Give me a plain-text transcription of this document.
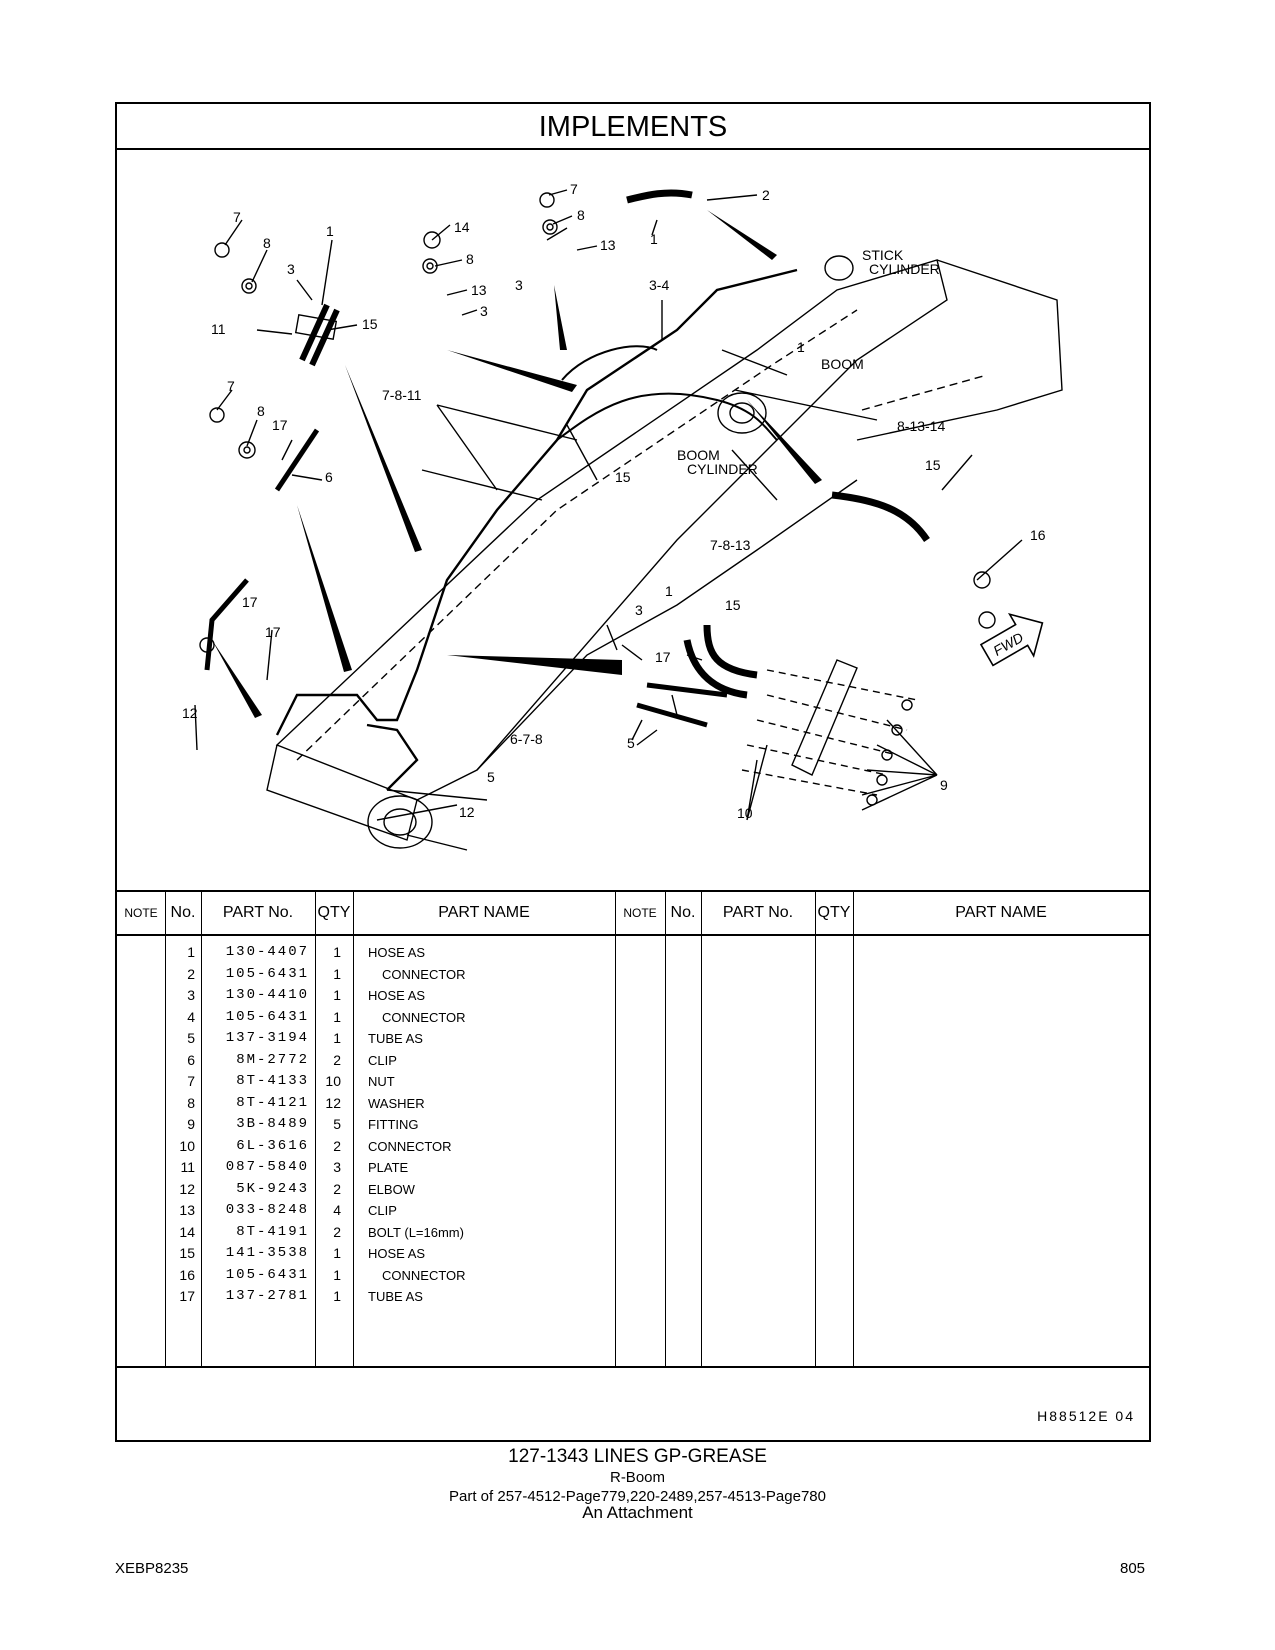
IMPLEMENTS
FWD
7
8
1
3
11	15
7
8
17
6
14
8
13
3
7
8
13
3
1
2
3-4
STICK
CYLINDER
1
BOOM
7-8-11
8-13-14
BOOM
CYLINDER
15
15
16
7-8-13
17
17
12
1
3	15
17
5
6-7-8
5
12
9
10
NOTE No.	PART No.	QTY	PART NAME	NOTE No.	PART No.	QTY	PART NAME
1	130-4407	1 HOSE AS
2	105-6431	1	CONNECTOR
3	130-4410	1 HOSE AS
4	105-6431	1	CONNECTOR
5	137-3194	1 TUBE AS
6	8M-2772	2 CLIP
7	8T-4133	10 NUT
8	8T-4121	12 WASHER
9	3B-8489	5 FITTING
10	6L-3616	2 CONNECTOR
11	087-5840	3 PLATE
12	5K-9243	2 ELBOW
13	033-8248	4 CLIP
14	8T-4191	2 BOLT (L=16mm)
15	141-3538	1 HOSE AS
16	105-6431	1	CONNECTOR
17	137-2781	1 TUBE AS
H88512E 04
127-1343 LINES GP-GREASE
R-Boom
Part of 257-4512-Page779,220-2489,257-4513-Page780
An Attachment
XEBP8235	805
